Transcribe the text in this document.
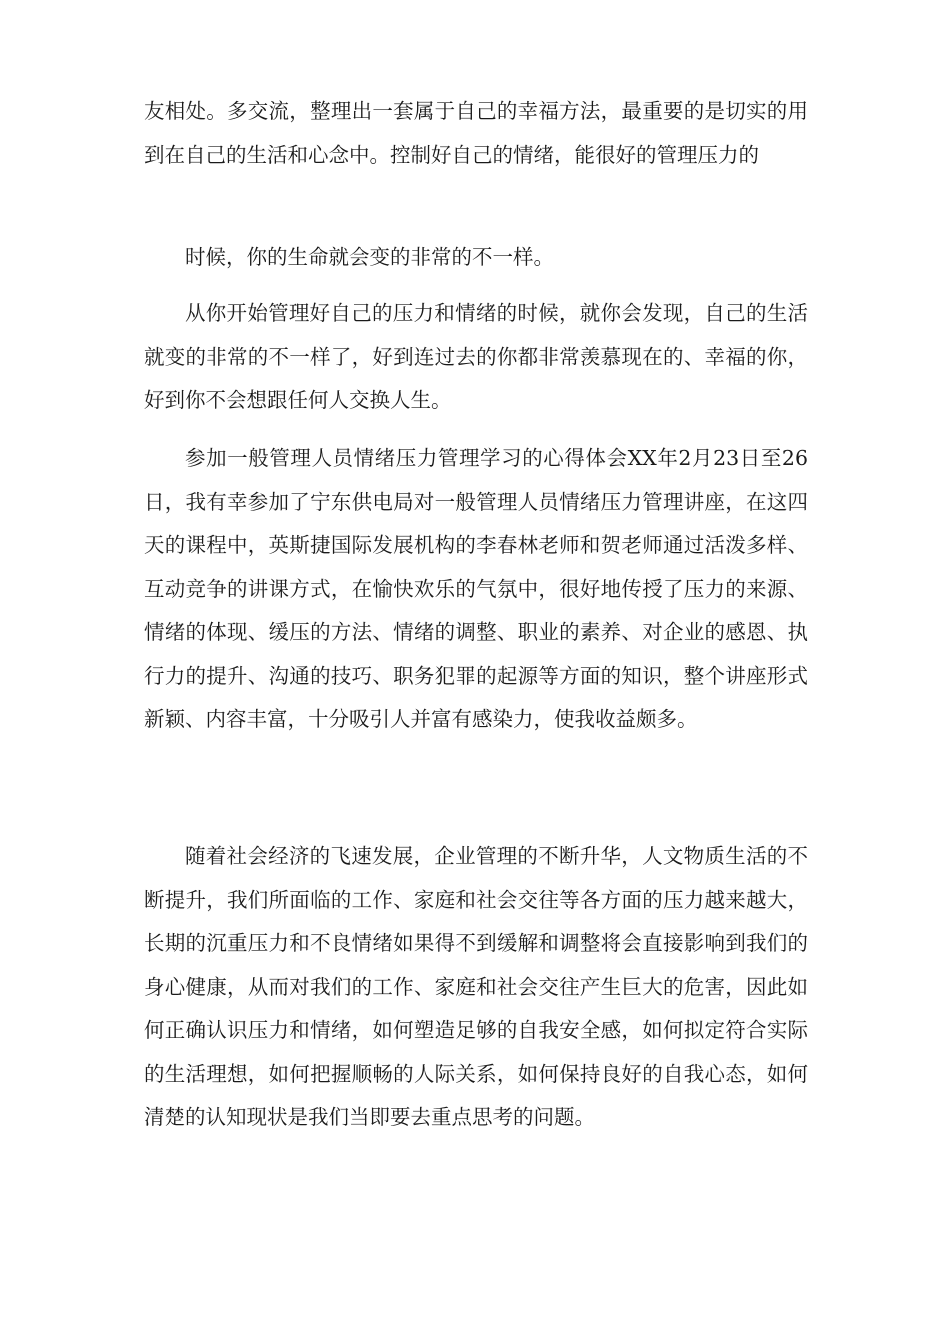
友相处。多交流，整理出一套属于自己的幸福方法，最重要的是切实的用到在自己的生活和心念中。控制好自己的情绪，能很好的管理压力的

时候，你的生命就会变的非常的不一样。

从你开始管理好自己的压力和情绪的时候，就你会发现，自己的生活就变的非常的不一样了，好到连过去的你都非常羡慕现在的、幸福的你，好到你不会想跟任何人交换人生。

参加一般管理人员情绪压力管理学习的心得体会XX年2月23日至26日，我有幸参加了宁东供电局对一般管理人员情绪压力管理讲座，在这四天的课程中，英斯捷国际发展机构的李春林老师和贺老师通过活泼多样、互动竞争的讲课方式，在愉快欢乐的气氛中，很好地传授了压力的来源、情绪的体现、缓压的方法、情绪的调整、职业的素养、对企业的感恩、执行力的提升、沟通的技巧、职务犯罪的起源等方面的知识，整个讲座形式新颖、内容丰富，十分吸引人并富有感染力，使我收益颇多。

随着社会经济的飞速发展，企业管理的不断升华，人文物质生活的不断提升，我们所面临的工作、家庭和社会交往等各方面的压力越来越大，长期的沉重压力和不良情绪如果得不到缓解和调整将会直接影响到我们的身心健康，从而对我们的工作、家庭和社会交往产生巨大的危害，因此如何正确认识压力和情绪，如何塑造足够的自我安全感，如何拟定符合实际的生活理想，如何把握顺畅的人际关系，如何保持良好的自我心态，如何清楚的认知现状是我们当即要去重点思考的问题。
